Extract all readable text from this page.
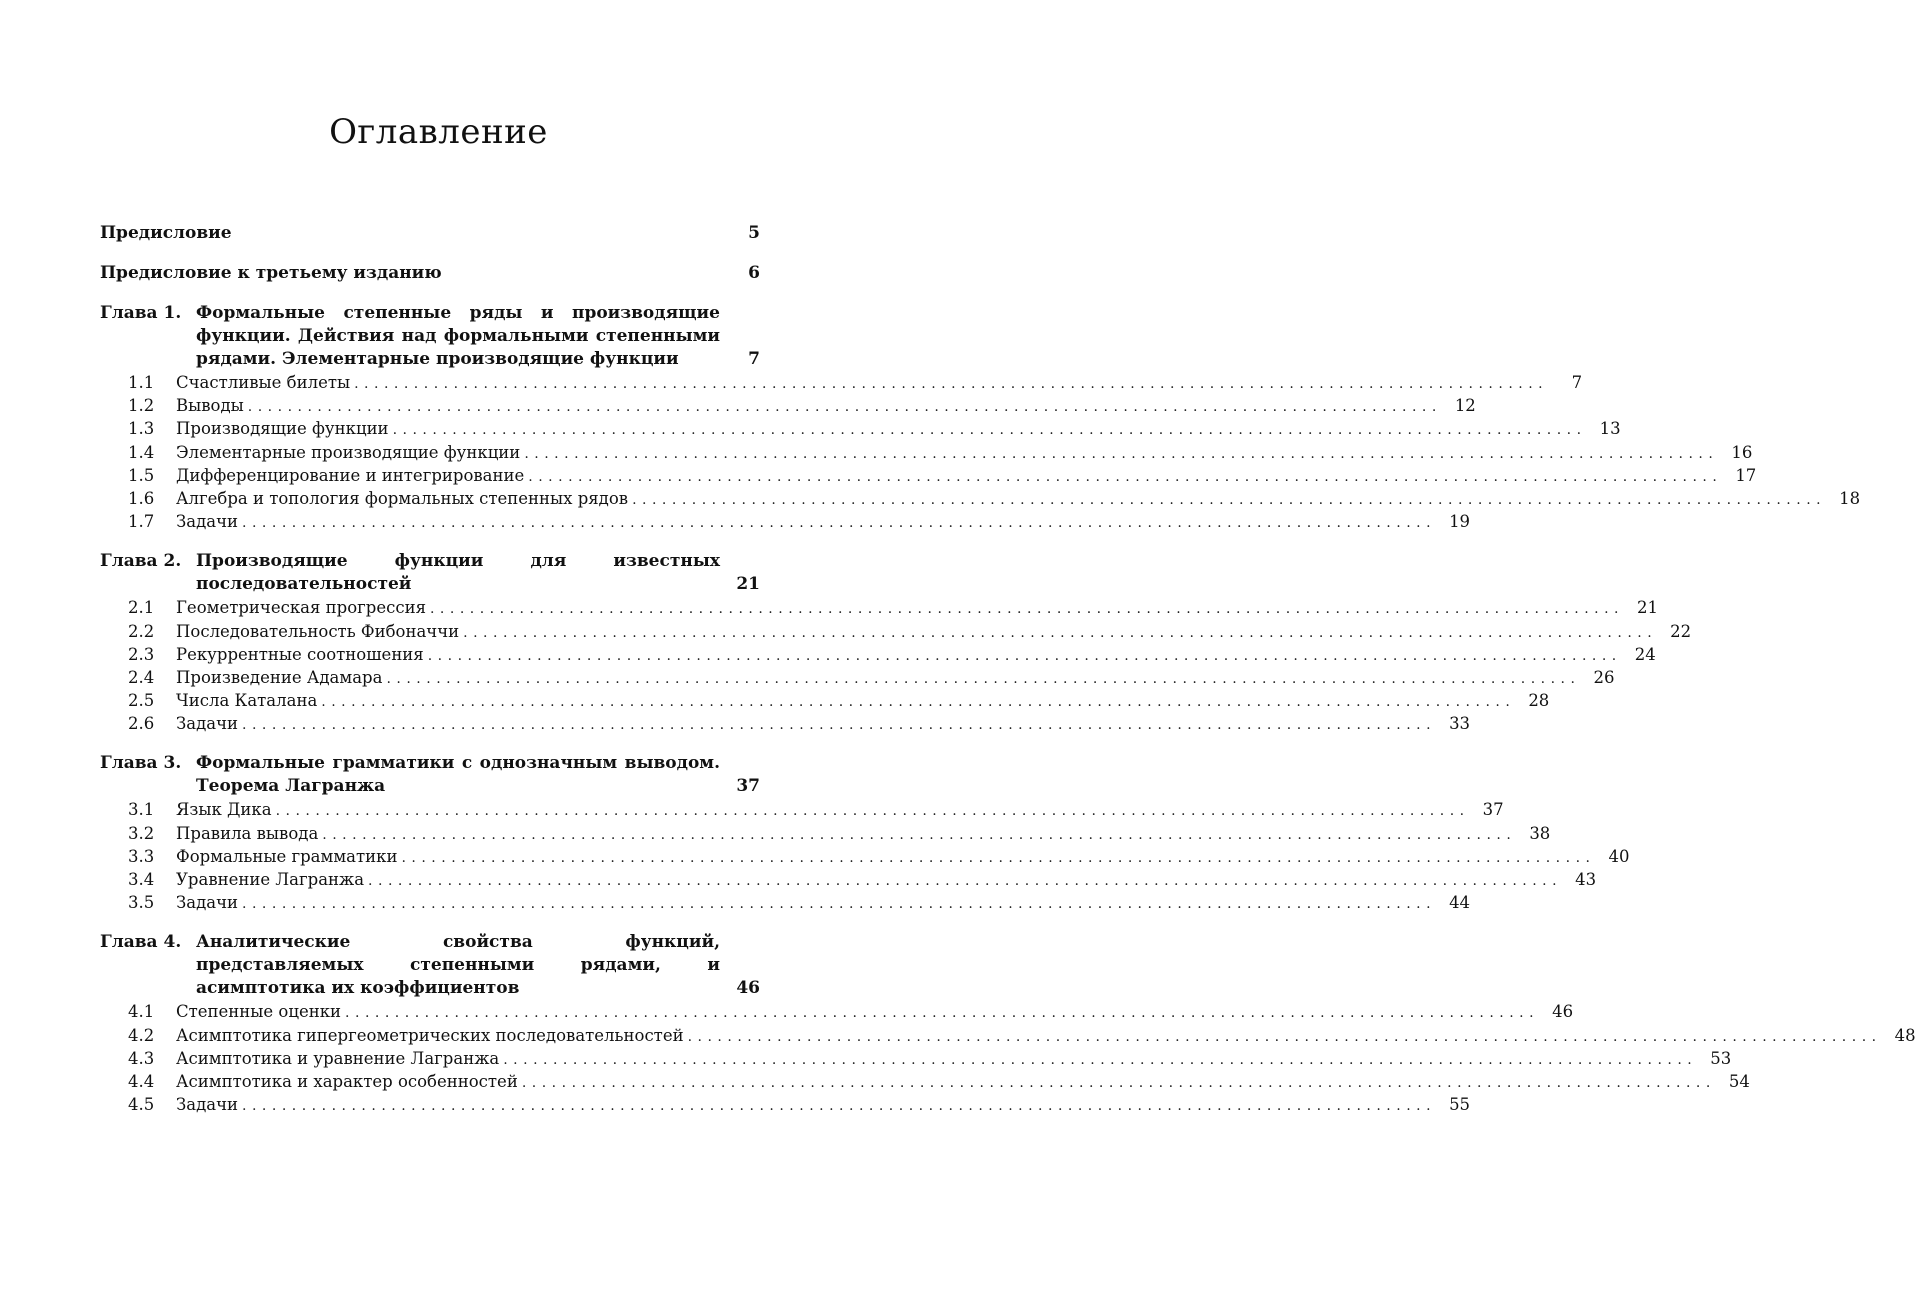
Оглавление
Предисловие	5
Предисловие к третьему изданию	6
Глава 1. Формальные степенные ряды и производящие функции. Действия над формальными степенными рядами. Элементарные производящие функции	7
1.1 Счастливые билеты ........................................................................................................................	7
1.2 Выводы ........................................................................................................................ 12
1.3 Производящие функции ........................................................................................................................ 13
1.4 Элементарные производящие функции ........................................................................................................................ 16
1.5 Дифференцирование и интегрирование ........................................................................................................................ 17
1.6 Алгебра и топология формальных степенных рядов ........................................................................................................................ 18
1.7 Задачи ........................................................................................................................ 19
Глава 2. Производящие функции для известных последовательностей	21
2.1 Геометрическая прогрессия ........................................................................................................................ 21
2.2 Последовательность Фибоначчи ........................................................................................................................ 22
2.3 Рекуррентные соотношения ........................................................................................................................ 24
2.4 Произведение Адамара ........................................................................................................................ 26
2.5 Числа Каталана ........................................................................................................................ 28
2.6 Задачи ........................................................................................................................ 33
Глава 3. Формальные грамматики с однозначным выводом. Теорема Лагранжа	37
3.1 Язык Дика ........................................................................................................................ 37
3.2 Правила вывода ........................................................................................................................ 38
3.3 Формальные грамматики ........................................................................................................................ 40
3.4 Уравнение Лагранжа ........................................................................................................................ 43
3.5 Задачи ........................................................................................................................ 44
Глава 4. Аналитические свойства функций, представляемых степенными рядами, и асимптотика их коэффициентов	46
4.1 Степенные оценки ........................................................................................................................ 46
4.2 Асимптотика гипергеометрических последовательностей ........................................................................................................................ 48
4.3 Асимптотика и уравнение Лагранжа ........................................................................................................................ 53
4.4 Асимптотика и характер особенностей ........................................................................................................................ 54
4.5 Задачи ........................................................................................................................ 55
